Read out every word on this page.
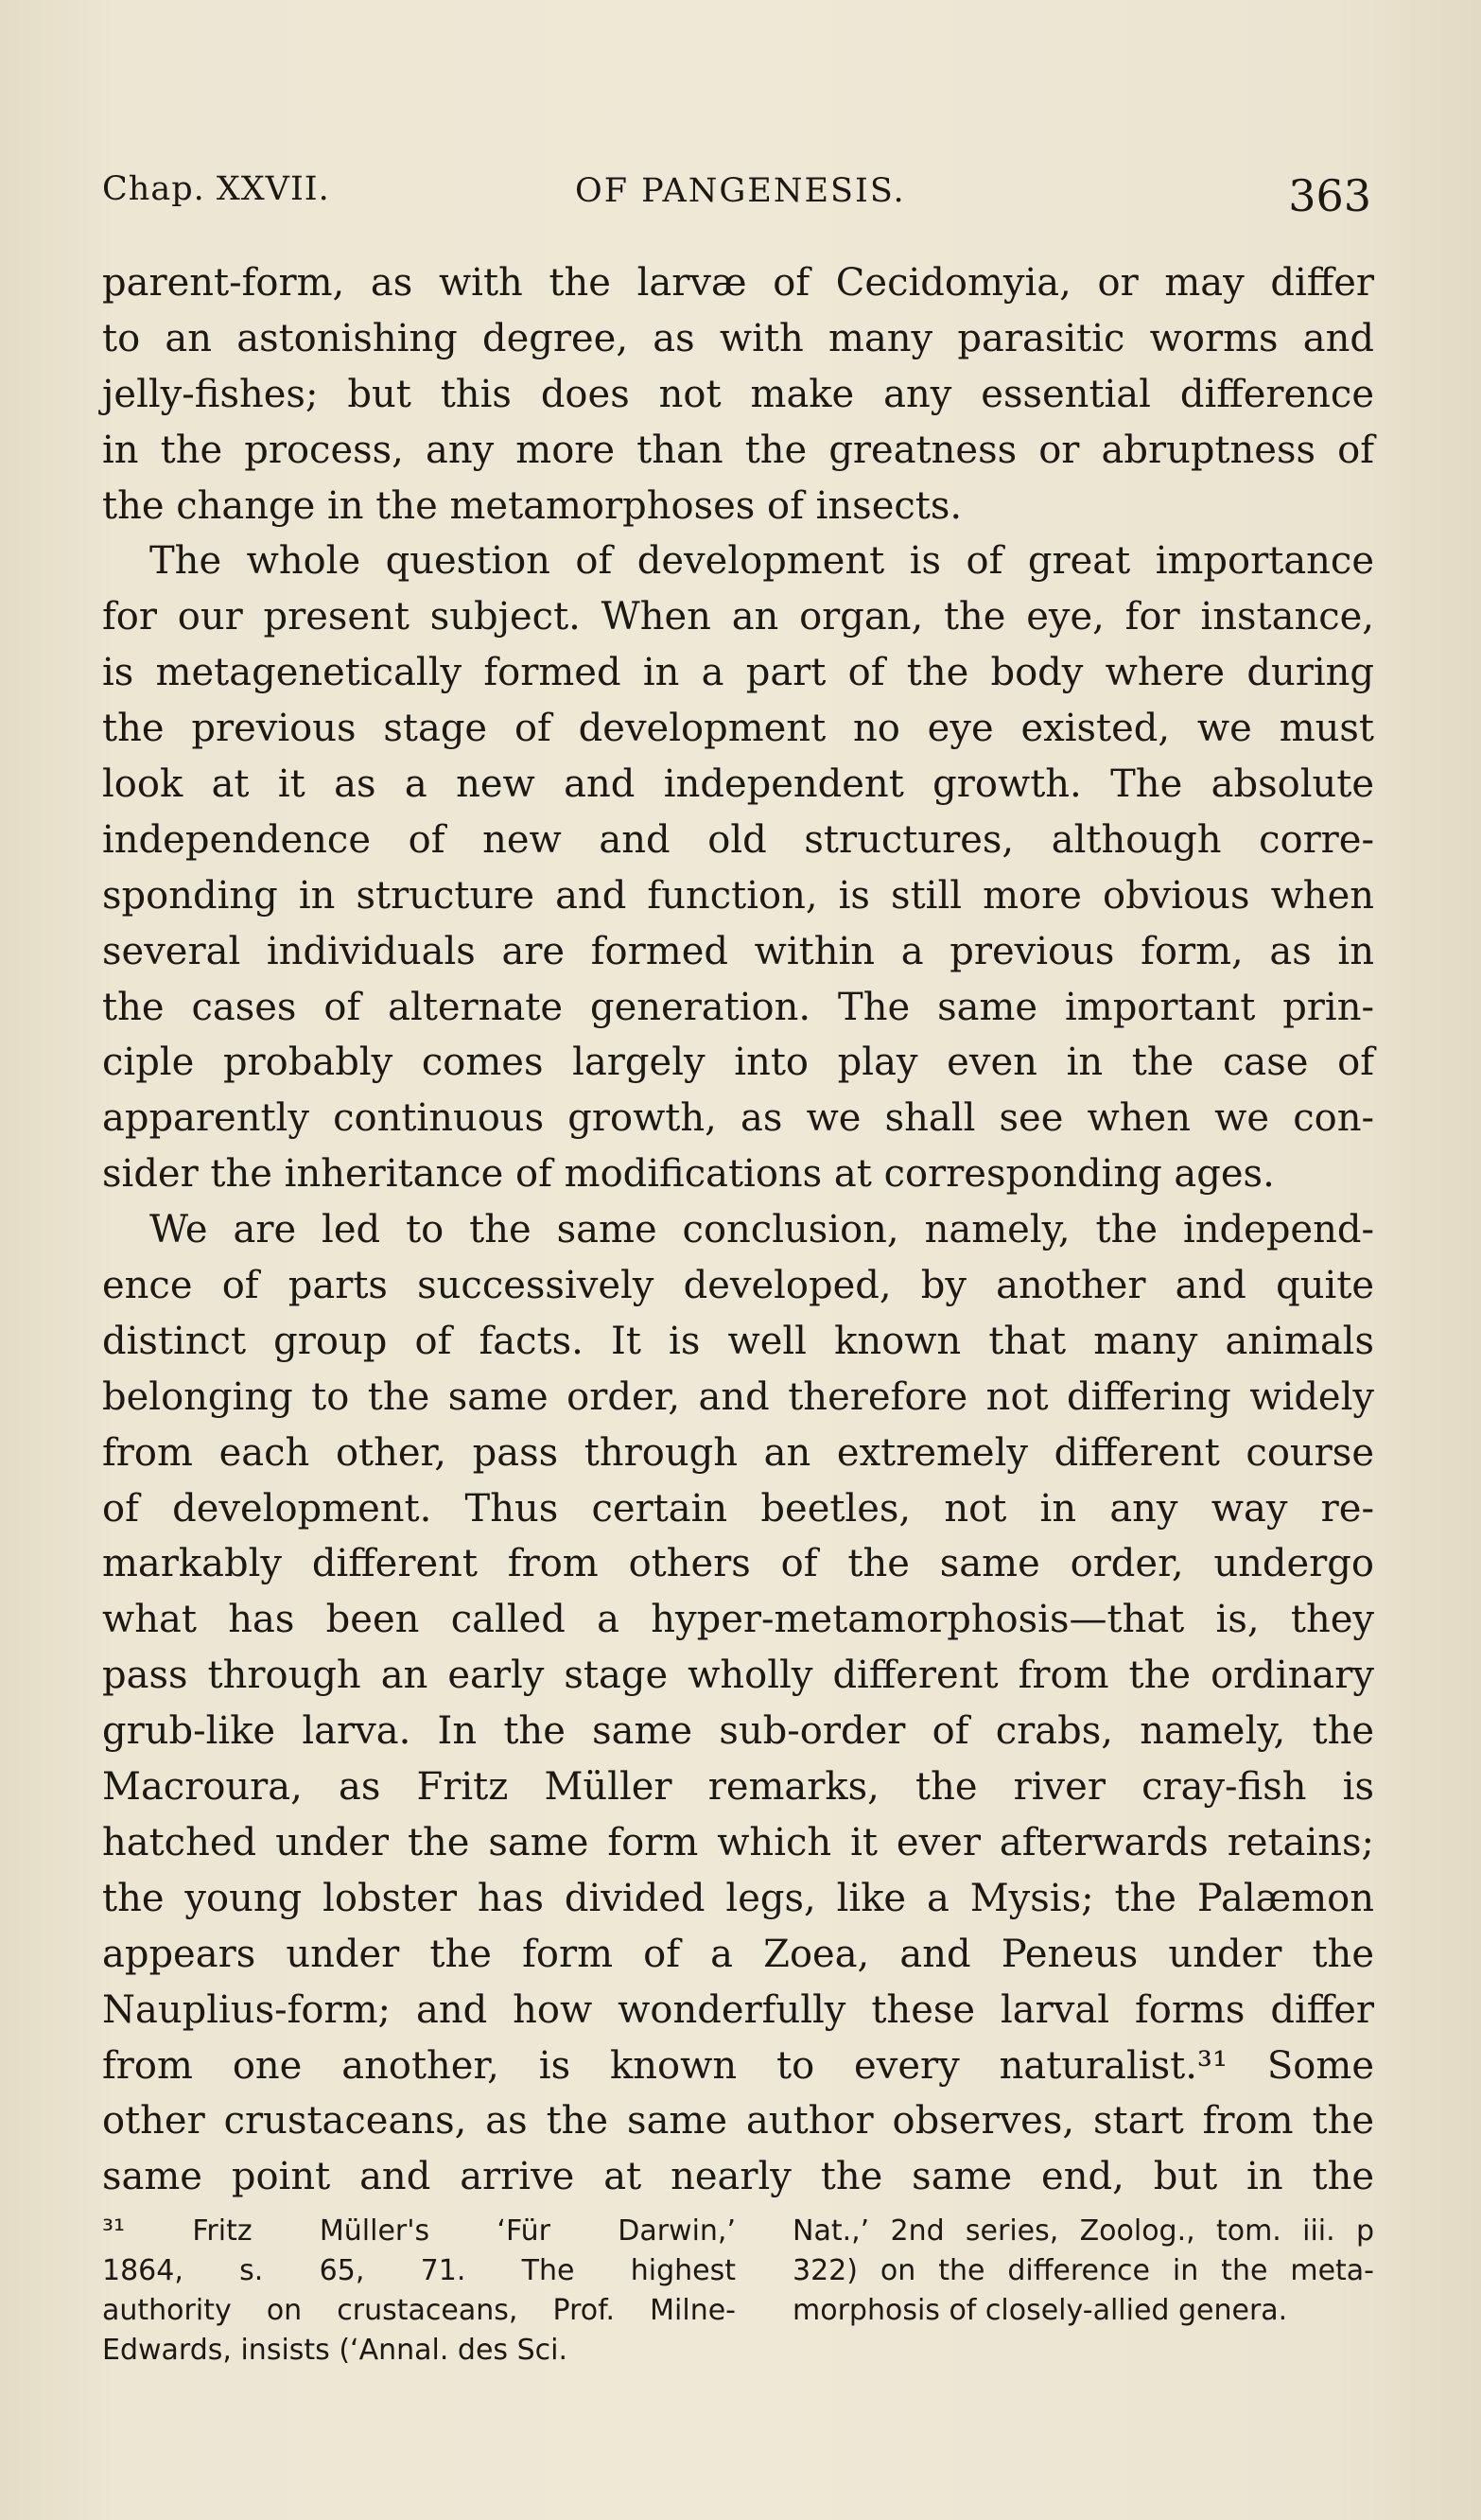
Chap. XXVII.	OF PANGENESIS.	363
parent-form, as with the larvæ of Cecidomyia, or may differ
to an astonishing degree, as with many parasitic worms and
jelly-fishes; but this does not make any essential difference
in the process, any more than the greatness or abruptness of
the change in the metamorphoses of insects.
The whole question of development is of great importance
for our present subject. When an organ, the eye, for instance,
is metagenetically formed in a part of the body where during
the previous stage of development no eye existed, we must
look at it as a new and independent growth. The absolute
independence of new and old structures, although corre-
sponding in structure and function, is still more obvious when
several individuals are formed within a previous form, as in
the cases of alternate generation. The same important prin-
ciple probably comes largely into play even in the case of
apparently continuous growth, as we shall see when we con-
sider the inheritance of modifications at corresponding ages.
We are led to the same conclusion, namely, the independ-
ence of parts successively developed, by another and quite
distinct group of facts. It is well known that many animals
belonging to the same order, and therefore not differing widely
from each other, pass through an extremely different course
of development. Thus certain beetles, not in any way re-
markably different from others of the same order, undergo
what has been called a hyper-metamorphosis—that is, they
pass through an early stage wholly different from the ordinary
grub-like larva. In the same sub-order of crabs, namely, the
Macroura, as Fritz Müller remarks, the river cray-fish is
hatched under the same form which it ever afterwards retains;
the young lobster has divided legs, like a Mysis; the Palæmon
appears under the form of a Zoea, and Peneus under the
Nauplius-form; and how wonderfully these larval forms differ
from one another, is known to every naturalist.³¹ Some
other crustaceans, as the same author observes, start from the
same point and arrive at nearly the same end, but in the
³¹ Fritz Müller's ‘Für Darwin,’
1864, s. 65, 71. The highest
authority on crustaceans, Prof. Milne-
Edwards, insists (‘Annal. des Sci.
Nat.,’ 2nd series, Zoolog., tom. iii. p
322) on the difference in the meta-
morphosis of closely-allied genera.
